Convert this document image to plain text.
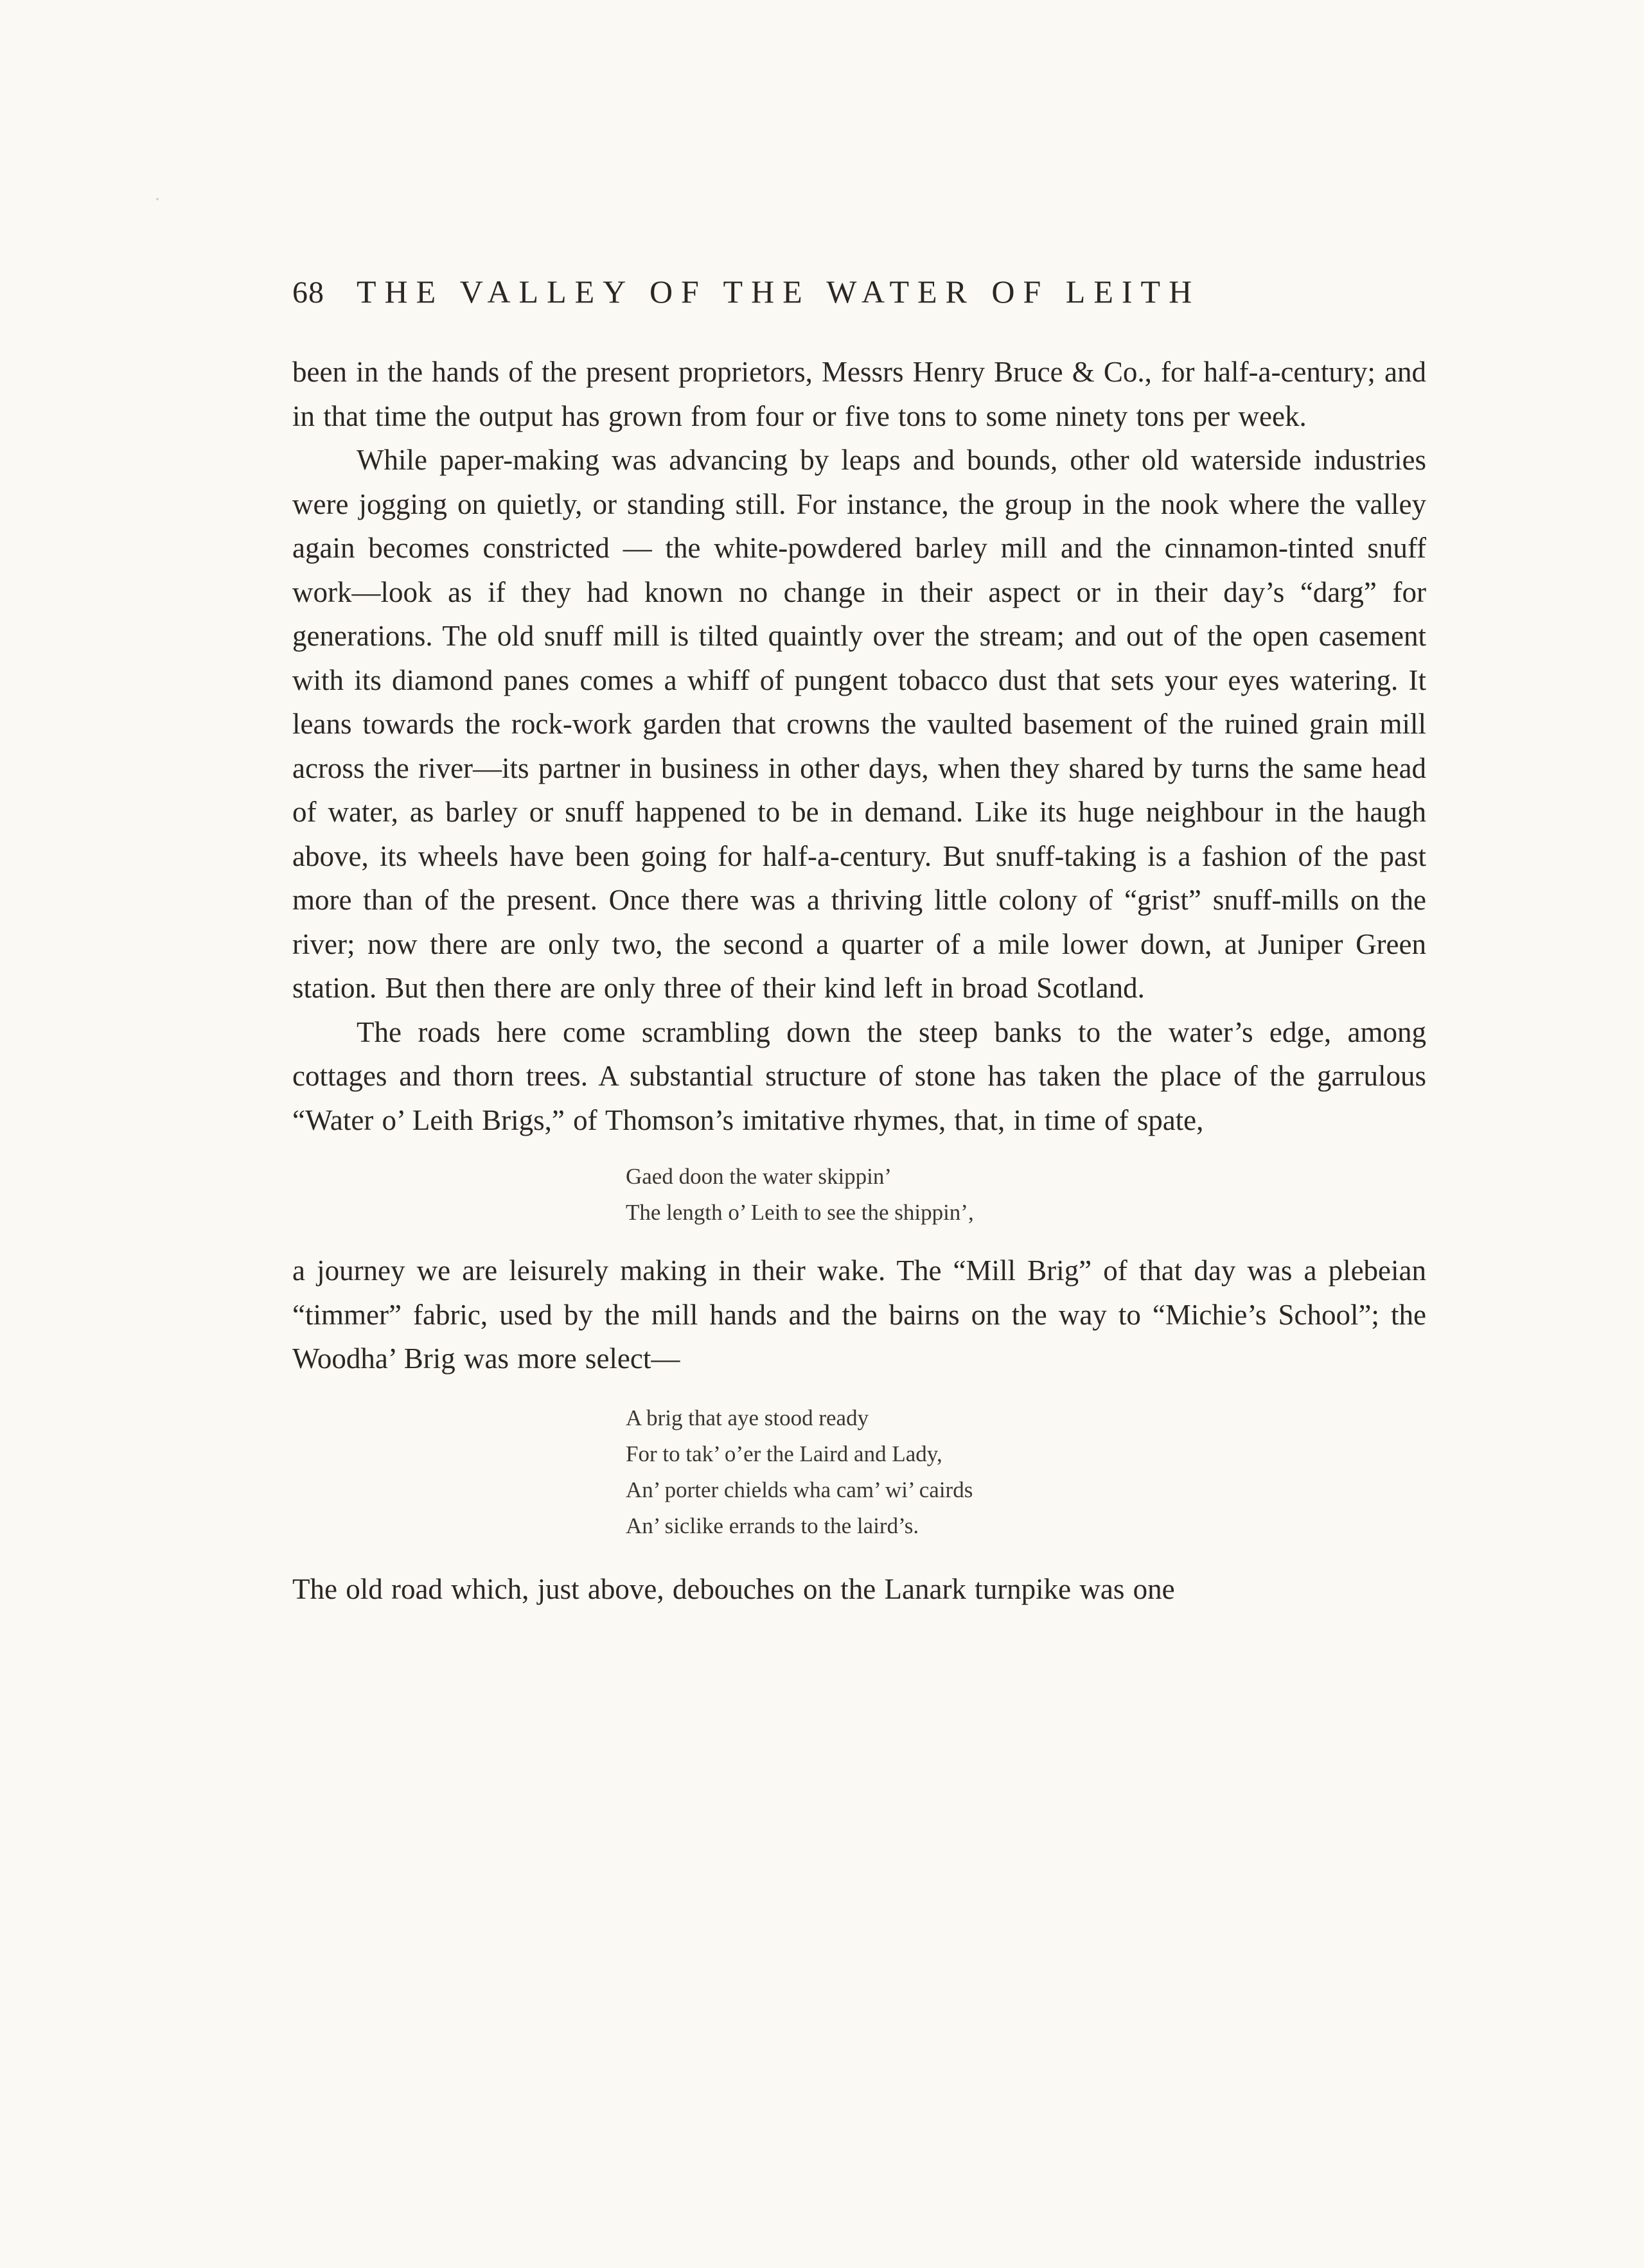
68	THE VALLEY OF THE WATER OF LEITH

been in the hands of the present proprietors, Messrs Henry Bruce & Co., for half-a-century; and in that time the output has grown from four or five tons to some ninety tons per week.

While paper-making was advancing by leaps and bounds, other old waterside industries were jogging on quietly, or standing still. For instance, the group in the nook where the valley again becomes constricted — the white-powdered barley mill and the cinnamon-tinted snuff work—look as if they had known no change in their aspect or in their day’s “darg” for generations. The old snuff mill is tilted quaintly over the stream; and out of the open casement with its diamond panes comes a whiff of pungent tobacco dust that sets your eyes watering. It leans towards the rock-work garden that crowns the vaulted basement of the ruined grain mill across the river—its partner in business in other days, when they shared by turns the same head of water, as barley or snuff happened to be in demand. Like its huge neighbour in the haugh above, its wheels have been going for half-a-century. But snuff-taking is a fashion of the past more than of the present. Once there was a thriving little colony of “grist” snuff-mills on the river; now there are only two, the second a quarter of a mile lower down, at Juniper Green station. But then there are only three of their kind left in broad Scotland.

The roads here come scrambling down the steep banks to the water’s edge, among cottages and thorn trees. A substantial structure of stone has taken the place of the garrulous “Water o’ Leith Brigs,” of Thomson’s imitative rhymes, that, in time of spate,

Gaed doon the water skippin’
The length o’ Leith to see the shippin’,

a journey we are leisurely making in their wake. The “Mill Brig” of that day was a plebeian “timmer” fabric, used by the mill hands and the bairns on the way to “Michie’s School”; the Woodha’ Brig was more select—

A brig that aye stood ready
For to tak’ o’er the Laird and Lady,
An’ porter chields wha cam’ wi’ cairds
An’ siclike errands to the laird’s.

The old road which, just above, debouches on the Lanark turnpike was one
